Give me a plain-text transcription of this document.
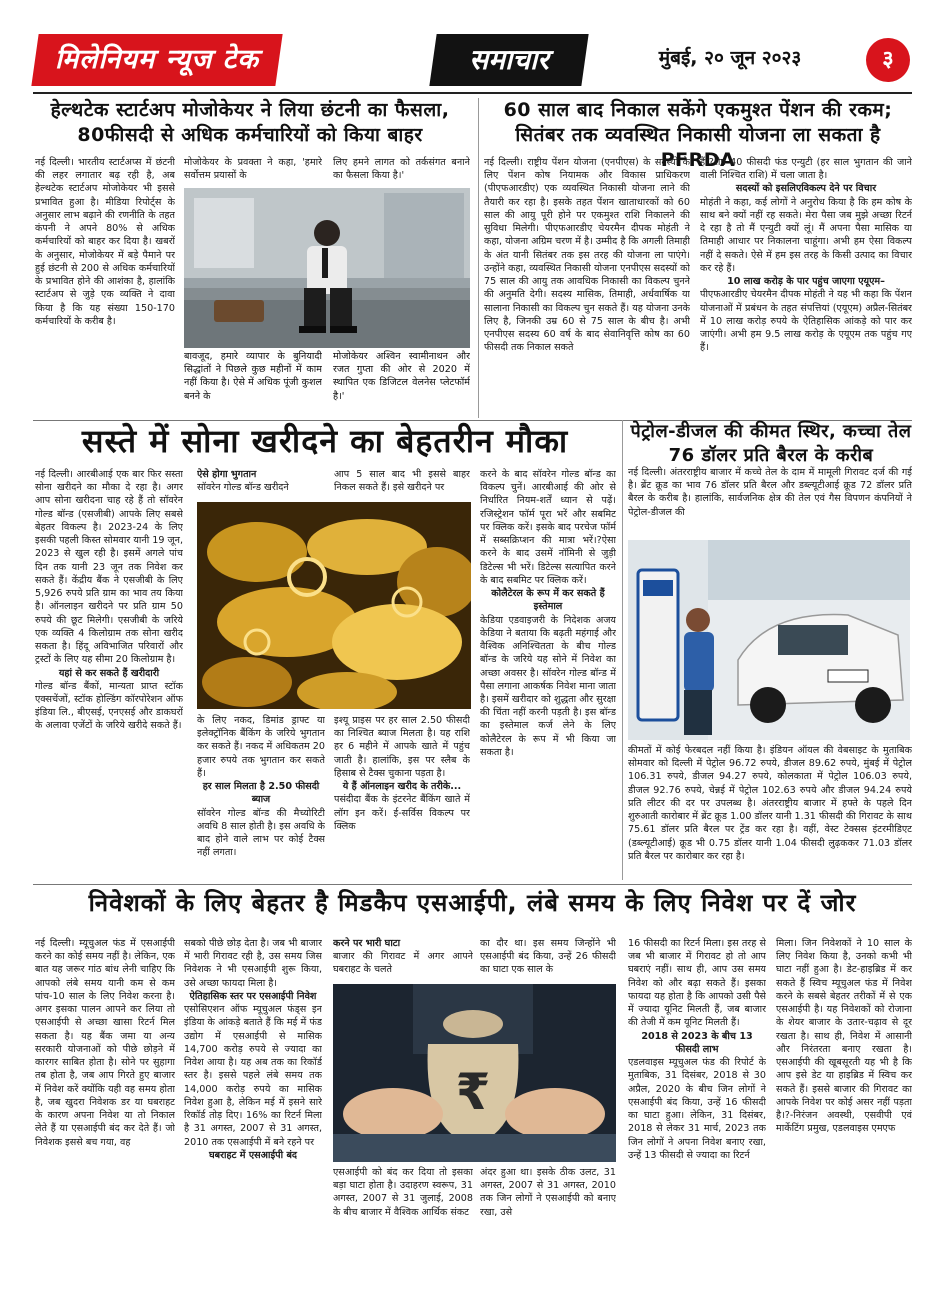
मिलेनियम न्यूज टेक	समाचार	मुंबई, २० जून २०२३	३
हेल्थटेक स्टार्टअप मोजोकेयर ने लिया छंटनी का फैसला,
80फीसदी से अधिक कर्मचारियों को किया बाहर
नई दिल्ली। भारतीय स्टार्टअप्स में छंटनी की लहर लगातार बढ़ रही है, अब हेल्थटेक स्टार्टअप मोजोकेयर भी इससे प्रभावित हुआ है। मीडिया रिपोर्ट्स के अनुसार लाभ बढ़ाने की रणनीति के तहत कंपनी ने अपने 80% से अधिक कर्मचारियों को बाहर कर दिया है। खबरों के अनुसार, मोजोकेयर में बड़े पैमाने पर हुई छंटनी से 200 से अधिक कर्मचारियों के प्रभावित होने की आशंका है, हालांकि स्टार्टअप से जुड़े एक व्यक्ति ने दावा किया है कि यह संख्या 150-170 कर्मचारियों के करीब है।
मोजोकेयर के प्रवक्ता ने कहा, 'हमारे सर्वोत्तम प्रयासों के
लिए हमने लागत को तर्कसंगत बनाने का फैसला किया है।'
बावजूद, हमारे व्यापार के बुनियादी सिद्धांतों ने पिछले कुछ महीनों में काम नहीं किया है। ऐसे में अधिक पूंजी कुशल बनने के
मोजोकेयर अश्विन स्वामीनाथन और रजत गुप्ता की ओर से 2020 में स्थापित एक डिजिटल वेलनेस प्लेटफॉर्म है।'
60 साल बाद निकाल सकेंगे एकमुश्त पेंशन की रकम;
सितंबर तक व्यवस्थित निकासी योजना ला सकता है PFRDA
नई दिल्ली। राष्ट्रीय पेंशन योजना (एनपीएस) के सदस्यों के लिए पेंशन कोष नियामक और विकास प्राधिकरण (पीएफआरडीए) एक व्यवस्थित निकासी योजना लाने की तैयारी कर रहा है। इसके तहत पेंशन खाताधारकों को 60 साल की आयु पूरी होने पर एकमुश्त राशि निकालने की सुविधा मिलेगी। पीएफआरडीए चेयरमैन दीपक मोहंती ने कहा, योजना अग्रिम चरण में है। उम्मीद है कि अगली तिमाही के अंत यानी सितंबर तक इस तरह की योजना ला पाएंगे। उन्होंने कहा, व्यवस्थित निकासी योजना एनपीएस सदस्यों को 75 साल की आयु तक आवधिक निकासी का विकल्प चुनने की अनुमति देगी। सदस्य मासिक, तिमाही, अर्धवार्षिक या सालाना निकासी का विकल्प चुन सकते हैं। यह योजना उनके लिए है, जिनकी उम्र 60 से 75 साल के बीच है। अभी एनपीएस सदस्य 60 वर्ष के बाद सेवानिवृत्ति कोष का 60 फीसदी तक निकाल सकते
हैं।?शेष 40 फीसदी फंड एन्युटी (हर साल भुगतान की जाने वाली निश्चित राशि) में चला जाता है।
सदस्यों को इसलिएविकल्प देने पर विचार
मोहंती ने कहा, कई लोगों ने अनुरोध किया है कि हम कोष के साथ बने क्यों नहीं रह सकते। मेरा पैसा जब मुझे अच्छा रिटर्न दे रहा है तो मैं एन्युटी क्यों लूं। मैं अपना पैसा मासिक या तिमाही आधार पर निकालना चाहूंगा। अभी हम ऐसा विकल्प नहीं दे सकते। ऐसे में हम इस तरह के किसी उत्पाद का विचार कर रहे हैं।
10 लाख करोड़ के पार पहुंच जाएगा एयूएम–
पीएफआरडीए चेयरमैन दीपक मोहंती ने यह भी कहा कि पेंशन योजनाओं में प्रबंधन के तहत संपत्तियां (एयूएम) अप्रैल-सितंबर में 10 लाख करोड़ रुपये के ऐतिहासिक आंकड़े को पार कर जाएंगी। अभी हम 9.5 लाख करोड़ के एयूएम तक पहुंच गए हैं।
सस्ते में सोना खरीदने का बेहतरीन मौका
नई दिल्ली। आरबीआई एक बार फिर सस्ता सोना खरीदने का मौका दे रहा है। अगर आप सोना खरीदना चाह रहे हैं तो सॉवरेन गोल्ड बॉन्ड (एसजीबी) आपके लिए सबसे बेहतर विकल्प है। 2023-24 के लिए इसकी पहली किस्त सोमवार यानी 19 जून, 2023 से खुल रही है। इसमें अगले पांच दिन तक यानी 23 जून तक निवेश कर सकते हैं। केंद्रीय बैंक ने एसजीबी के लिए 5,926 रुपये प्रति ग्राम का भाव तय किया है। ऑनलाइन खरीदने पर प्रति ग्राम 50 रुपये की छूट मिलेगी। एसजीबी के जरिये एक व्यक्ति 4 किलोग्राम तक सोना खरीद सकता है। हिंदू अविभाजित परिवारों और ट्रस्टों के लिए यह सीमा 20 किलोग्राम है।
यहां से कर सकते हैं खरीदारी
गोल्ड बॉन्ड बैंकों, मान्यता प्राप्त स्टॉक एक्सचेंजों, स्टॉक होल्डिंग कॉरपोरेशन ऑफ इंडिया लि., बीएसई, एनएसई और डाकघरों के अलावा एजेंटों के जरिये खरीदे सकते हैं।
ऐसे होगा भुगतान
सॉवरेन गोल्ड बॉन्ड खरीदने
आप 5 साल बाद भी इससे बाहर निकल सकते हैं। इसे खरीदने पर
के लिए नकद, डिमांड ड्राफ्ट या इलेक्ट्रॉनिक बैंकिंग के जरिये भुगतान कर सकते हैं। नकद में अधिकतम 20 हजार रुपये तक भुगतान कर सकते हैं।
हर साल मिलता है 2.50 फीसदी ब्याज
सॉवरेन गोल्ड बॉन्ड की मैच्योरिटी अवधि 8 साल होती है। इस अवधि के बाद होने वाले लाभ पर कोई टैक्स नहीं लगता।
इश्यू प्राइस पर हर साल 2.50 फीसदी का निश्चित ब्याज मिलता है। यह राशि हर 6 महीने में आपके खाते में पहुंच जाती है। हालांकि, इस पर स्लैब के हिसाब से टैक्स चुकाना पड़ता है।
ये हैं ऑनलाइन खरीद के तरीके...
पसंदीदा बैंक के इंटरनेट बैंकिंग खाते में लॉग इन करें। ई-सर्विस विकल्प पर क्लिक
करने के बाद सॉवरेन गोल्ड बॉन्ड का विकल्प चुनें। आरबीआई की ओर से निर्धारित नियम-शर्तें ध्यान से पढ़ें। रजिस्ट्रेशन फॉर्म पूरा भरें और सबमिट पर क्लिक करें। इसके बाद परचेज फॉर्म में सब्सक्रिप्शन की मात्रा भरें।?ऐसा करने के बाद उसमें नॉमिनी से जुड़ी डिटेल्स भी भरें। डिटेल्स सत्यापित करने के बाद सबमिट पर क्लिक करें।
कोलैटेरल के रूप में कर सकते हैं इस्तेमाल
केडिया एडवाइजरी के निदेशक अजय केडिया ने बताया कि बढ़ती महंगाई और वैश्विक अनिश्चितता के बीच गोल्ड बॉन्ड के जरिये यह सोने में निवेश का अच्छा अवसर है। सॉवरेन गोल्ड बॉन्ड में पैसा लगाना आकर्षक निवेश माना जाता है। इसमें खरीदार को शुद्धता और सुरक्षा की चिंता नहीं करनी पड़ती है। इस बॉन्ड का इस्तेमाल कर्ज लेने के लिए कोलैटेरल के रूप में भी किया जा सकता है।
पेट्रोल-डीजल की कीमत स्थिर, कच्चा तेल
76 डॉलर प्रति बैरल के करीब
नई दिल्ली। अंतरराष्ट्रीय बाजार में कच्चे तेल के दाम में मामूली गिरावट दर्ज की गई है। ब्रेंट क्रूड का भाव 76 डॉलर प्रति बैरल और डब्ल्यूटीआई क्रूड 72 डॉलर प्रति बैरल के करीब है। हालांकि, सार्वजनिक क्षेत्र की तेल एवं गैस विपणन कंपनियों ने पेट्रोल-डीजल की
कीमतों में कोई फेरबदल नहीं किया है। इंडियन ऑयल की वेबसाइट के मुताबिक सोमवार को दिल्ली में पेट्रोल 96.72 रुपये, डीजल 89.62 रुपये, मुंबई में पेट्रोल 106.31 रुपये, डीजल 94.27 रुपये, कोलकाता में पेट्रोल 106.03 रुपये, डीजल 92.76 रुपये, चेन्नई में पेट्रोल 102.63 रुपये और डीजल 94.24 रुपये प्रति लीटर की दर पर उपलब्ध है। अंतरराष्ट्रीय बाजार में हफ्ते के पहले दिन शुरुआती कारोबार में ब्रेंट क्रूड 1.00 डॉलर यानी 1.31 फीसदी की गिरावट के साथ 75.61 डॉलर प्रति बैरल पर ट्रेंड कर रहा है। वहीं, वेस्ट टेक्सस इंटरमीडिएट (डब्ल्यूटीआई) क्रूड भी 0.75 डॉलर यानी 1.04 फीसदी लुढ़ककर 71.03 डॉलर प्रति बैरल पर कारोबार कर रहा है।
निवेशकों के लिए बेहतर है मिडकैप एसआईपी, लंबे समय के लिए निवेश पर दें जोर
नई दिल्ली। म्यूचुअल फंड में एसआईपी करने का कोई समय नहीं है। लेकिन, एक बात यह जरूर गांठ बांध लेनी चाहिए कि आपको लंबे समय यानी कम से कम पांच-10 साल के लिए निवेश करना है। अगर इसका पालन आपने कर लिया तो एसआईपी से अच्छा खासा रिटर्न मिल सकता है। यह बैंक जमा या अन्य सरकारी योजनाओं को पीछे छोड़ने में कारगर साबित होता है। सोने पर सुहागा तब होता है, जब आप गिरते हुए बाजार में निवेश करें क्योंकि यही वह समय होता है, जब खुदरा निवेशक डर या घबराहट के कारण अपना निवेश या तो निकाल लेते हैं या एसआईपी बंद कर देते हैं। जो निवेशक इससे बच गया, वह
सबको पीछे छोड़ देता है। जब भी बाजार में भारी गिरावट रही है, उस समय जिस निवेशक ने भी एसआईपी शुरू किया, उसे अच्छा फायदा मिला है।
ऐतिहासिक स्तर पर एसआईपी निवेश
एसोसिएशन ऑफ म्यूचुअल फंड्स इन इंडिया के आंकड़े बताते हैं कि मई में फंड उद्योग में एसआईपी से मासिक 14,700 करोड़ रुपये से ज्यादा का निवेश आया है। यह अब तक का रिकॉर्ड स्तर है। इससे पहले लंबे समय तक 14,000 करोड़ रुपये का मासिक निवेश हुआ है, लेकिन मई में इसने सारे रिकॉर्ड तोड़ दिए। 16% का रिटर्न मिला है 31 अगस्त, 2007 से 31 अगस्त, 2010 तक एसआईपी में बने रहने पर
घबराहट में एसआईपी बंद
करने पर भारी घाटा
बाजार की गिरावट में अगर आपने घबराहट के चलते
का दौर था। इस समय जिन्होंने भी एसआईपी बंद किया, उन्हें 26 फीसदी का घाटा एक साल के
₹
एसआईपी को बंद कर दिया तो इसका बड़ा घाटा होता है। उदाहरण स्वरूप, 31 अगस्त, 2007 से 31 जुलाई, 2008 के बीच बाजार में वैश्विक आर्थिक संकट
अंदर हुआ था। इसके ठीक उलट, 31 अगस्त, 2007 से 31 अगस्त, 2010 तक जिन लोगों ने एसआईपी को बनाए रखा, उसे
16 फीसदी का रिटर्न मिला। इस तरह से जब भी बाजार में गिरावट हो तो आप घबराएं नहीं। साथ ही, आप उस समय निवेश को और बढ़ा सकते हैं। इसका फायदा यह होता है कि आपको उसी पैसे में ज्यादा यूनिट मिलती हैं, जब बाजार की तेजी में कम यूनिट मिलती हैं।
2018 से 2023 के बीच 13 फीसदी लाभ
एडलवाइस म्यूचुअल फंड की रिपोर्ट के मुताबिक, 31 दिसंबर, 2018 से 30 अप्रैल, 2020 के बीच जिन लोगों ने एसआईपी बंद किया, उन्हें 16 फीसदी का घाटा हुआ। लेकिन, 31 दिसंबर, 2018 से लेकर 31 मार्च, 2023 तक जिन लोगों ने अपना निवेश बनाए रखा, उन्हें 13 फीसदी से ज्यादा का रिटर्न
मिला। जिन निवेशकों ने 10 साल के लिए निवेश किया है, उनको कभी भी घाटा नहीं हुआ है। डेट-हाइब्रिड में कर सकते हैं स्विच म्यूचुअल फंड में निवेश करने के सबसे बेहतर तरीकों में से एक एसआईपी है। यह निवेशकों को रोजाना के शेयर बाजार के उतार-चढ़ाव से दूर रखता है। साथ ही, निवेश में आसानी और निरंतरता बनाए रखता है। एसआईपी की खूबसूरती यह भी है कि आप इसे डेट या हाइब्रिड में स्विच कर सकते हैं। इससे बाजार की गिरावट का आपके निवेश पर कोई असर नहीं पड़ता है।?-निरंजन अवस्थी, एसवीपी एवं मार्केटिंग प्रमुख, एडलवाइस एमएफ
